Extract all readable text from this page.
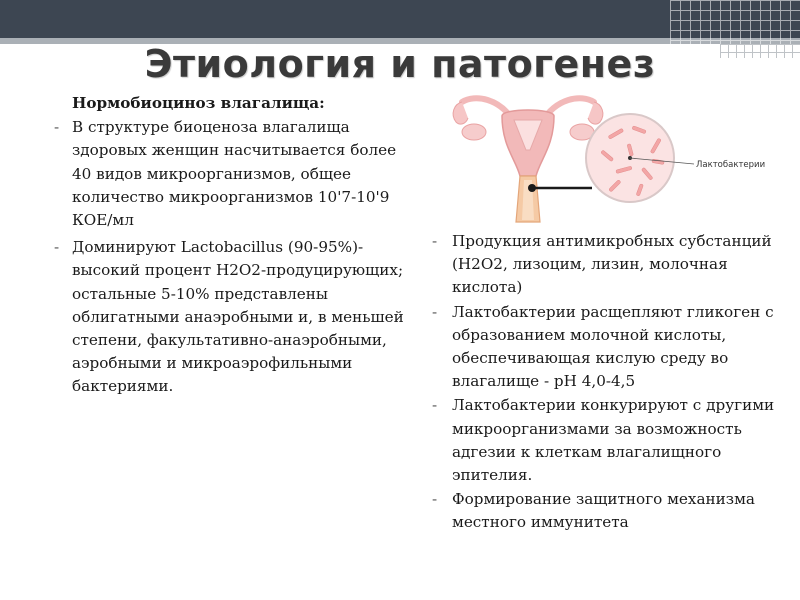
Этиология и патогенез
Нормобиоциноз влагалища:
- В структуре биоценоза влагалища здоровых женщин насчитывается более 40 видов микроорганизмов, общее количество микроорганизмов 10'7-10'9 КОЕ/мл
- Доминируют Lactobacillus (90-95%)-высокий процент Н2О2-продуцирующих; остальные 5-10% представлены облигатными анаэробными и, в меньшей степени, факультативно-анаэробными, аэробными и микроаэрофильными бактериями.
Лактобактерии
- Продукция антимикробных субстанций (Н2О2, лизоцим, лизин, молочная кислота)
- Лактобактерии расщепляют гликоген с образованием молочной кислоты, обеспечивающая кислую среду во влагалище - рН 4,0-4,5
- Лактобактерии конкурируют с другими микроорганизмами за возможность адгезии к клеткам влагалищного эпителия.
- Формирование защитного механизма местного иммунитета
